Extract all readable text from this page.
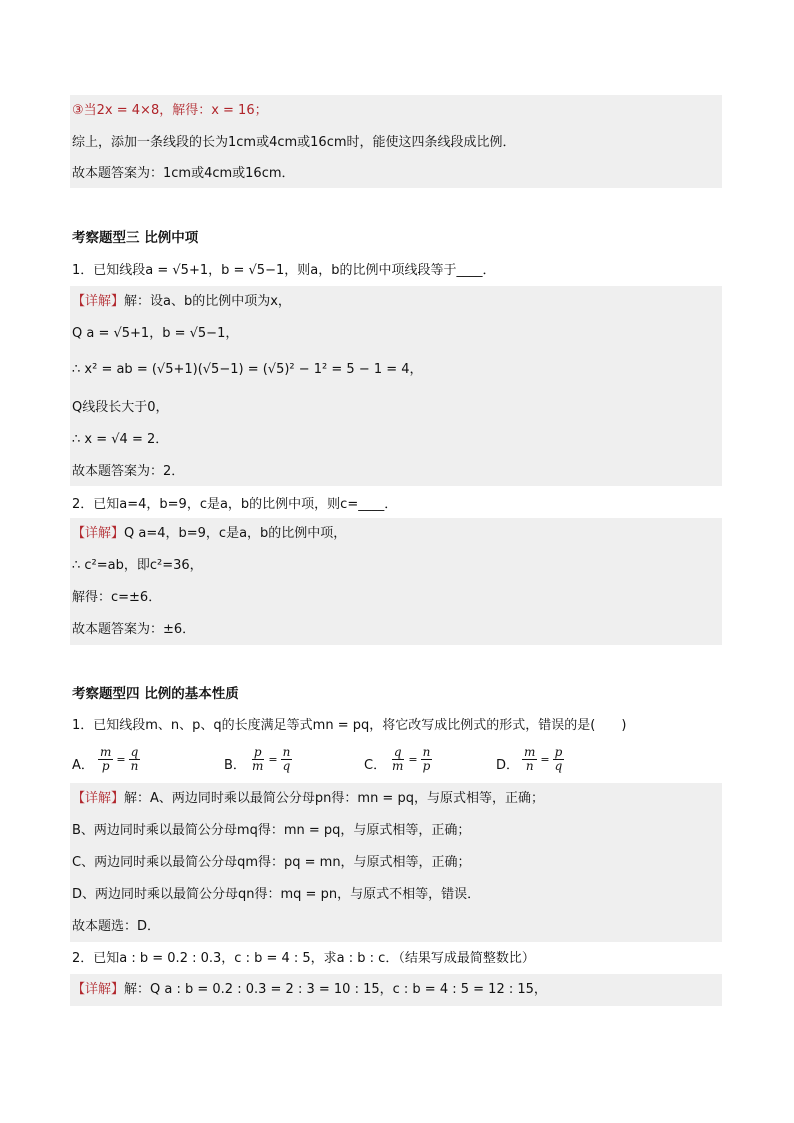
③当2x = 4×8，解得：x = 16；
综上，添加一条线段的长为1cm或4cm或16cm时，能使这四条线段成比例．
故本题答案为：1cm或4cm或16cm．
考察题型三 比例中项
1．已知线段a = √5+1，b = √5−1，则a，b的比例中项线段等于____．
【详解】解：设a、b的比例中项为x，
Q a = √5+1，b = √5−1，
∴ x² = ab = (√5+1)(√5−1) = (√5)² − 1² = 5 − 1 = 4，
Q线段长大于0，
∴ x = √4 = 2．
故本题答案为：2．
2．已知a=4，b=9，c是a，b的比例中项，则c=____．
【详解】Q a=4，b=9，c是a，b的比例中项，
∴ c²=ab，即c²=36，
解得：c=±6．
故本题答案为：±6．
考察题型四 比例的基本性质
1．已知线段m、n、p、q的长度满足等式mn = pq，将它改写成比例式的形式，错误的是(　　)
A． $\frac{m}{p} = \frac{q}{n}$	B． $\frac{p}{m} = \frac{n}{q}$	C． $\frac{q}{m} = \frac{n}{p}$	D． $\frac{m}{n} = \frac{p}{q}$
【详解】解：A、两边同时乘以最简公分母pn得：mn = pq，与原式相等，正确；
B、两边同时乘以最简公分母mq得：mn = pq，与原式相等，正确；
C、两边同时乘以最简公分母qm得：pq = mn，与原式相等，正确；
D、两边同时乘以最简公分母qn得：mq = pn，与原式不相等，错误．
故本题选：D．
2．已知a : b = 0.2 : 0.3，c : b = 4 : 5，求a : b : c．（结果写成最简整数比）
【详解】解：Q a : b = 0.2 : 0.3 = 2 : 3 = 10 : 15，c : b = 4 : 5 = 12 : 15，
